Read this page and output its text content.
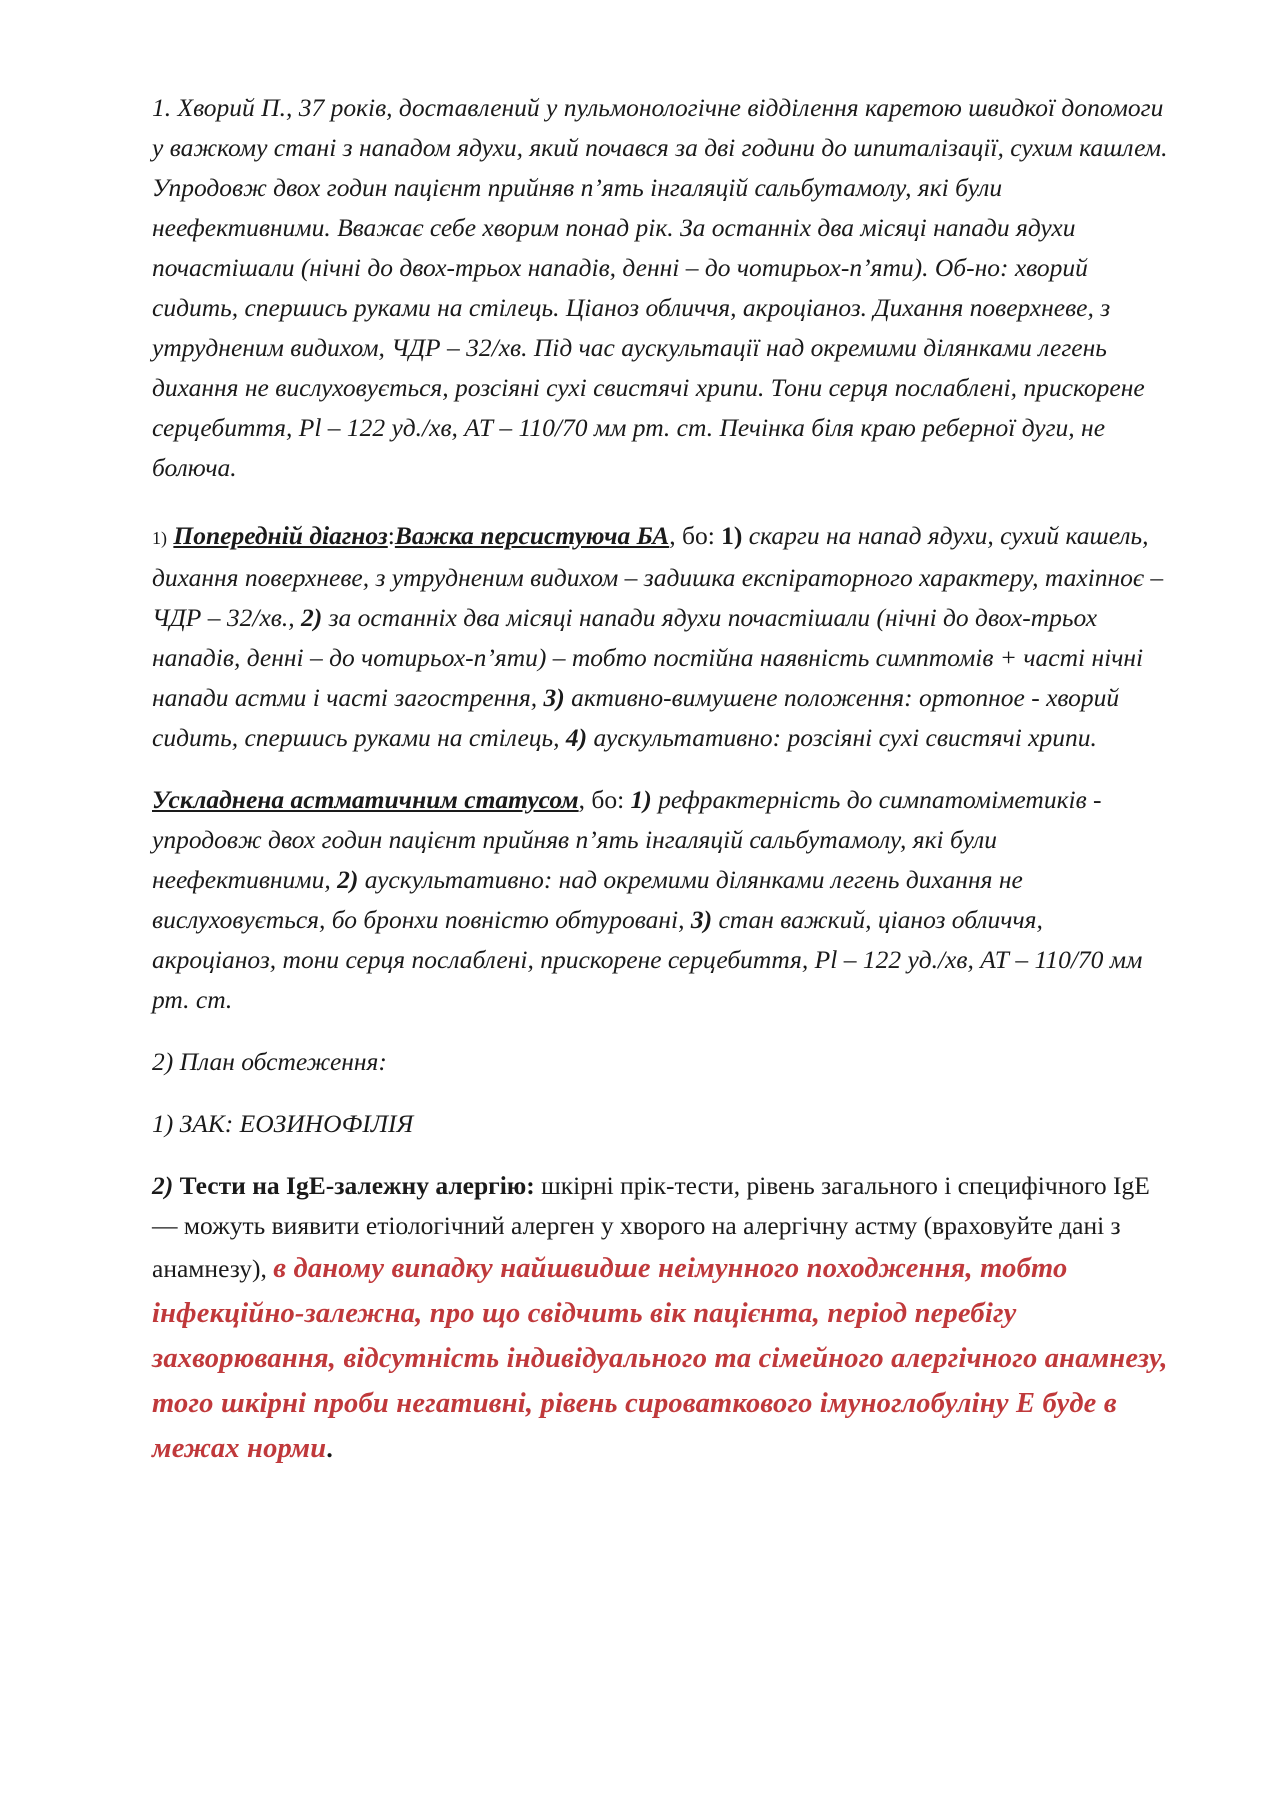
1. Хворий П., 37 років, доставлений у пульмонологічне відділення каретою швидкої допомоги у важкому стані з нападом ядухи, який почався за дві години до шпиталізації, сухим кашлем. Упродовж двох годин пацієнт прийняв п’ять інгаляцій сальбутамолу, які були неефективними. Вважає себе хворим понад рік. За останніх два місяці напади ядухи почастішали (нічні до двох-трьох нападів, денні – до чотирьох-п’яти). Об-но: хворий сидить, спершись руками на стілець. Ціаноз обличчя, акроціаноз. Дихання поверхневе, з утрудненим видихом, ЧДР – 32/хв. Під час аускультації над окремими ділянками легень дихання не вислуховується, розсіяні сухі свистячі хрипи. Тони серця послаблені, прискорене серцебиття, Pl – 122 уд./хв, АТ – 110/70 мм рт. ст. Печінка біля краю реберної дуги, не болюча.

1) Попередній діагноз:Важка персистуюча БА, бо: 1) скарги на напад ядухи, сухий кашель, дихання поверхневе, з утрудненим видихом – задишка експіраторного характеру, тахіпноє – ЧДР – 32/хв., 2) за останніх два місяці напади ядухи почастішали (нічні до двох-трьох нападів, денні – до чотирьох-п’яти) – тобто постійна наявність симптомів + часті нічні напади астми і часті загострення, 3) активно-вимушене положення: ортопное - хворий сидить, спершись руками на стілець, 4) аускультативно: розсіяні сухі свистячі хрипи.

Ускладнена астматичним статусом, бо: 1) рефрактерність до симпатоміметиків - упродовж двох годин пацієнт прийняв п’ять інгаляцій сальбутамолу, які були неефективними, 2) аускультативно: над окремими ділянками легень дихання не вислуховується, бо бронхи повністю обтуровані, 3) стан важкий, ціаноз обличчя, акроціаноз, тони серця послаблені, прискорене серцебиття, Pl – 122 уд./хв, АТ – 110/70 мм рт. ст.

2) План обстеження:

1) ЗАК: ЕОЗИНОФІЛІЯ

2) Тести на IgE-залежну алергію: шкірні прік-тести, рівень загального і специфічного IgE — можуть виявити етіологічний алерген у хворого на алергічну астму (враховуйте дані з анамнезу), в даному випадку найшвидше неімунного походження, тобто інфекційно-залежна, про що свідчить вік пацієнта, період перебігу захворювання, відсутність індивідуального та сімейного алергічного анамнезу, того шкірні проби негативні, рівень сироваткового імуноглобуліну Е буде в межах норми.
